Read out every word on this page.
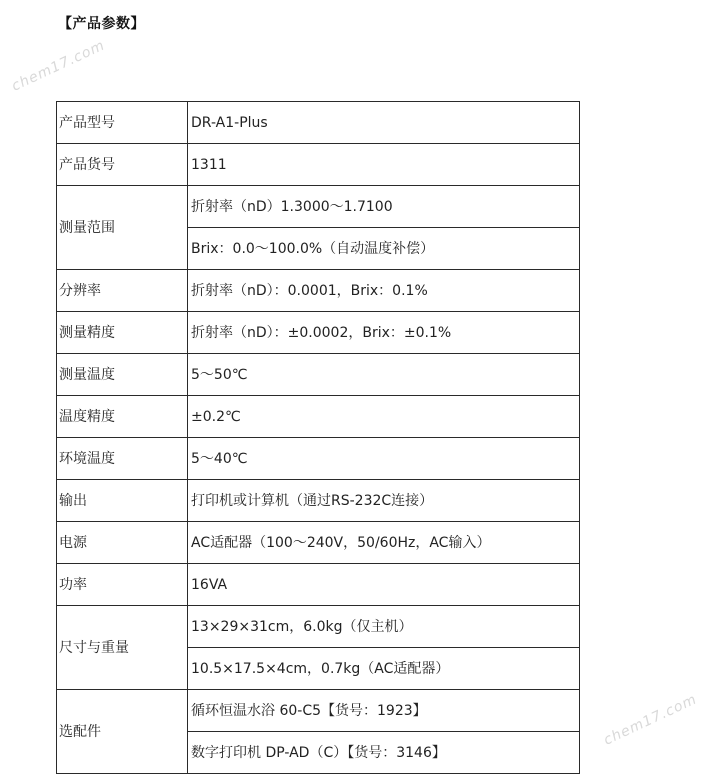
【产品参数】
chem17.com
chem17.com
产品型号	DR-A1-Plus
产品货号	1311
测量范围	折射率（nD）1.3000～1.7100
	Brix：0.0～100.0%（自动温度补偿）
分辨率	折射率（nD）：0.0001，Brix：0.1%
测量精度	折射率（nD）：±0.0002，Brix：±0.1%
测量温度	5～50℃
温度精度	±0.2℃
环境温度	5～40℃
输出	打印机或计算机（通过RS-232C连接）
电源	AC适配器（100～240V，50/60Hz，AC输入）
功率	16VA
尺寸与重量	13×29×31cm，6.0kg（仅主机）
	10.5×17.5×4cm，0.7kg（AC适配器）
选配件	循环恒温水浴 60-C5【货号：1923】
	数字打印机 DP-AD（C）【货号：3146】
